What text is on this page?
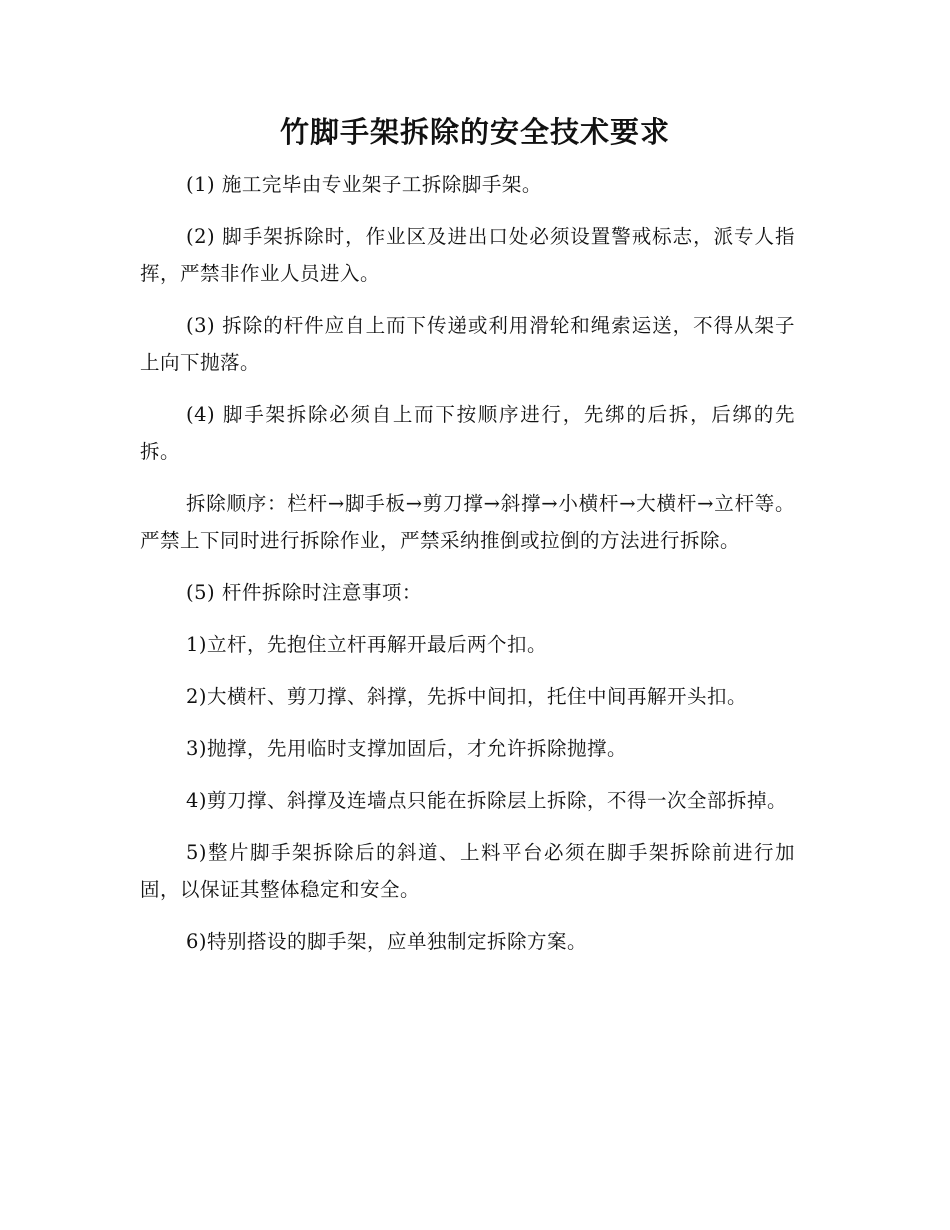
竹脚手架拆除的安全技术要求

(1) 施工完毕由专业架子工拆除脚手架。

(2) 脚手架拆除时，作业区及进出口处必须设置警戒标志，派专人指挥，严禁非作业人员进入。

(3) 拆除的杆件应自上而下传递或利用滑轮和绳索运送，不得从架子上向下抛落。

(4) 脚手架拆除必须自上而下按顺序进行，先绑的后拆，后绑的先拆。

拆除顺序：栏杆→脚手板→剪刀撑→斜撑→小横杆→大横杆→立杆等。严禁上下同时进行拆除作业，严禁采纳推倒或拉倒的方法进行拆除。

(5) 杆件拆除时注意事项：

1)立杆，先抱住立杆再解开最后两个扣。

2)大横杆、剪刀撑、斜撑，先拆中间扣，托住中间再解开头扣。

3)抛撑，先用临时支撑加固后，才允许拆除抛撑。

4)剪刀撑、斜撑及连墙点只能在拆除层上拆除，不得一次全部拆掉。

5)整片脚手架拆除后的斜道、上料平台必须在脚手架拆除前进行加固，以保证其整体稳定和安全。

6)特别搭设的脚手架，应单独制定拆除方案。
